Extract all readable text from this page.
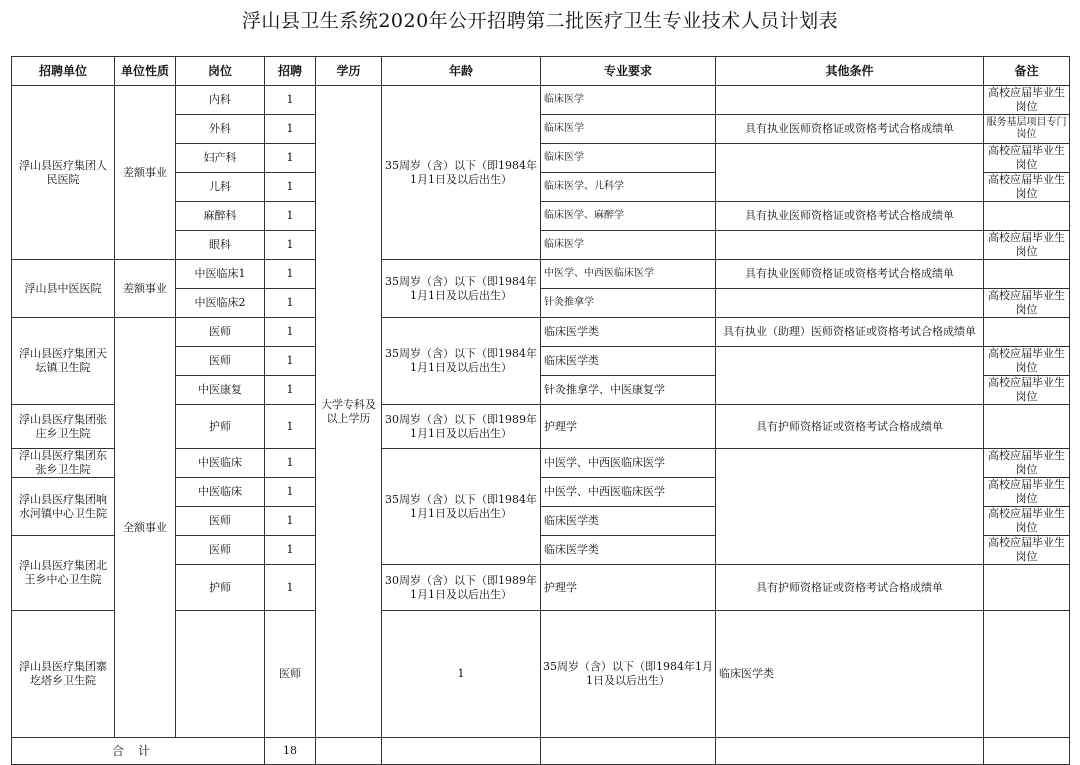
浮山县卫生系统2020年公开招聘第二批医疗卫生专业技术人员计划表
招聘单位	单位性质	岗位	招聘	学历	年龄	专业要求	其他条件	备注	
浮山县医疗集团人民医院	差额事业	内科	1	大学专科及以上学历	35周岁（含）以下（即1984年1月1日及以后出生）	临床医学		高校应届毕业生岗位	
		外科	1			临床医学	具有执业医师资格证或资格考试合格成绩单	服务基层项目专门岗位	
		妇产科	1			临床医学		高校应届毕业生岗位	
		儿科	1			临床医学、儿科学		高校应届毕业生岗位	
		麻醉科	1			临床医学、麻醉学	具有执业医师资格证或资格考试合格成绩单		
		眼科	1			临床医学		高校应届毕业生岗位	
浮山县中医医院	差额事业	中医临床1	1		35周岁（含）以下（即1984年1月1日及以后出生）	中医学、中西医临床医学	具有执业医师资格证或资格考试合格成绩单		
		中医临床2	1			针灸推拿学		高校应届毕业生岗位	
浮山县医疗集团天坛镇卫生院	全额事业	医师	1		35周岁（含）以下（即1984年1月1日及以后出生）	临床医学类	具有执业（助理）医师资格证或资格考试合格成绩单		
		医师	1			临床医学类		高校应届毕业生岗位	
		中医康复	1			针灸推拿学、中医康复学		高校应届毕业生岗位	
浮山县医疗集团张庄乡卫生院		护师	1		30周岁（含）以下（即1989年1月1日及以后出生）	护理学	具有护师资格证或资格考试合格成绩单		
浮山县医疗集团东张乡卫生院		中医临床	1		35周岁（含）以下（即1984年1月1日及以后出生）	中医学、中西医临床医学		高校应届毕业生岗位	
浮山县医疗集团响水河镇中心卫生院		中医临床	1			中医学、中西医临床医学		高校应届毕业生岗位	
		医师	1			临床医学类		高校应届毕业生岗位	
浮山县医疗集团北王乡中心卫生院		医师	1			临床医学类		高校应届毕业生岗位	
		护师	1		30周岁（含）以下（即1989年1月1日及以后出生）	护理学	具有护师资格证或资格考试合格成绩单		
浮山县医疗集团寨圪塔乡卫生院			医师		1	35周岁（含）以下（即1984年1月1日及以后出生）	临床医学类		
合计			18						
